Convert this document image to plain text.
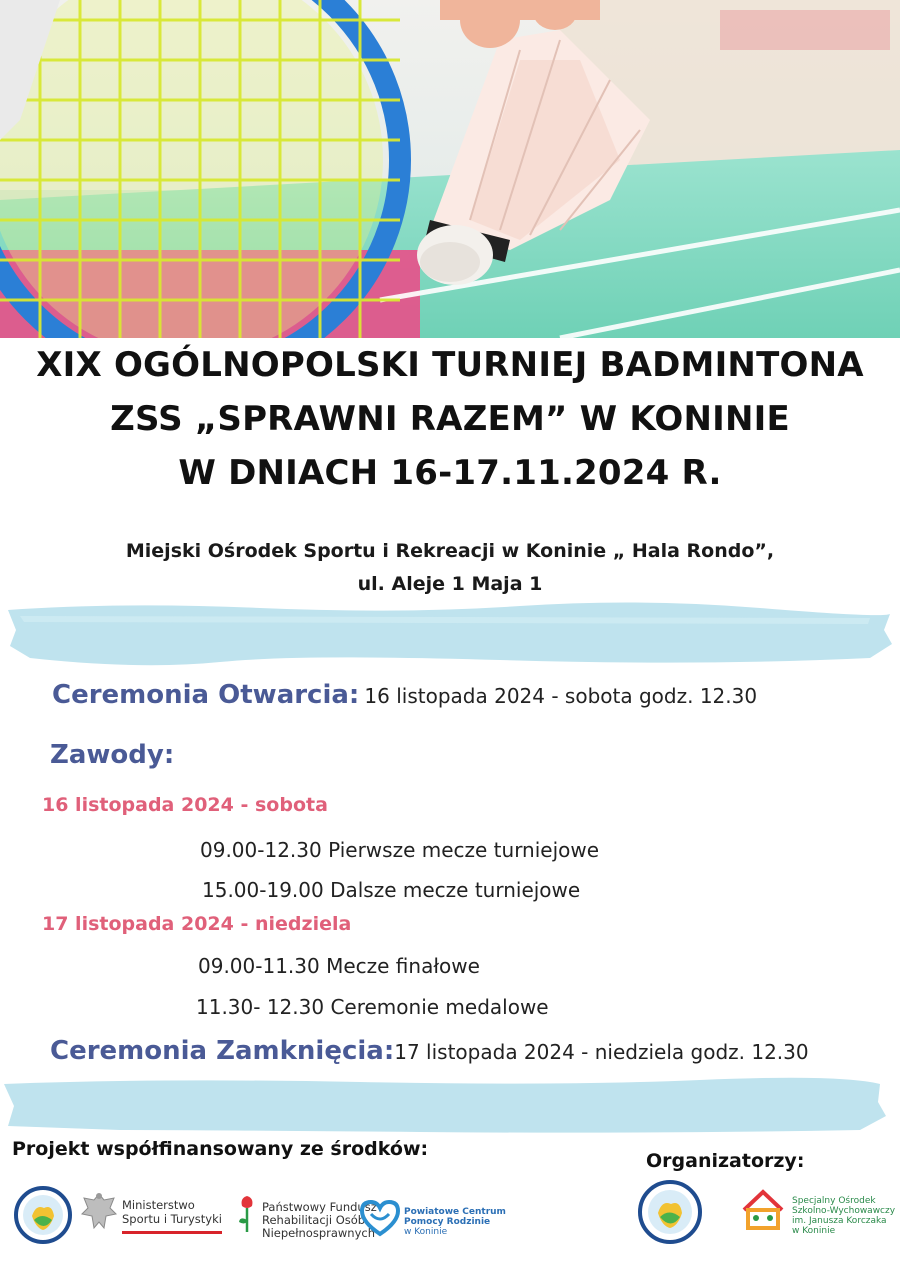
XIX OGÓLNOPOLSKI TURNIEJ BADMINTONA
ZSS „SPRAWNI RAZEM” W KONINIE
W DNIACH 16-17.11.2024 R.
Miejski Ośrodek Sportu i Rekreacji w Koninie „ Hala Rondo”,
ul. Aleje 1 Maja 1
Ceremonia Otwarcia: 16 listopada 2024 - sobota godz. 12.30
Zawody:
16 listopada 2024 - sobota
09.00-12.30 Pierwsze mecze turniejowe
15.00-19.00 Dalsze mecze turniejowe
17 listopada 2024 - niedziela
09.00-11.30 Mecze finałowe
11.30- 12.30 Ceremonie medalowe
Ceremonia Zamknięcia:17 listopada 2024 - niedziela godz. 12.30
Projekt współfinansowany ze środków:
Organizatorzy:
Ministerstwo
Sportu i Turystyki
Państwowy Fundusz
Rehabilitacji Osób
Niepełnosprawnych
Powiatowe Centrum
Pomocy Rodzinie
w Koninie
Specjalny Ośrodek
Szkolno-Wychowawczy
im. Janusza Korczaka
w Koninie
